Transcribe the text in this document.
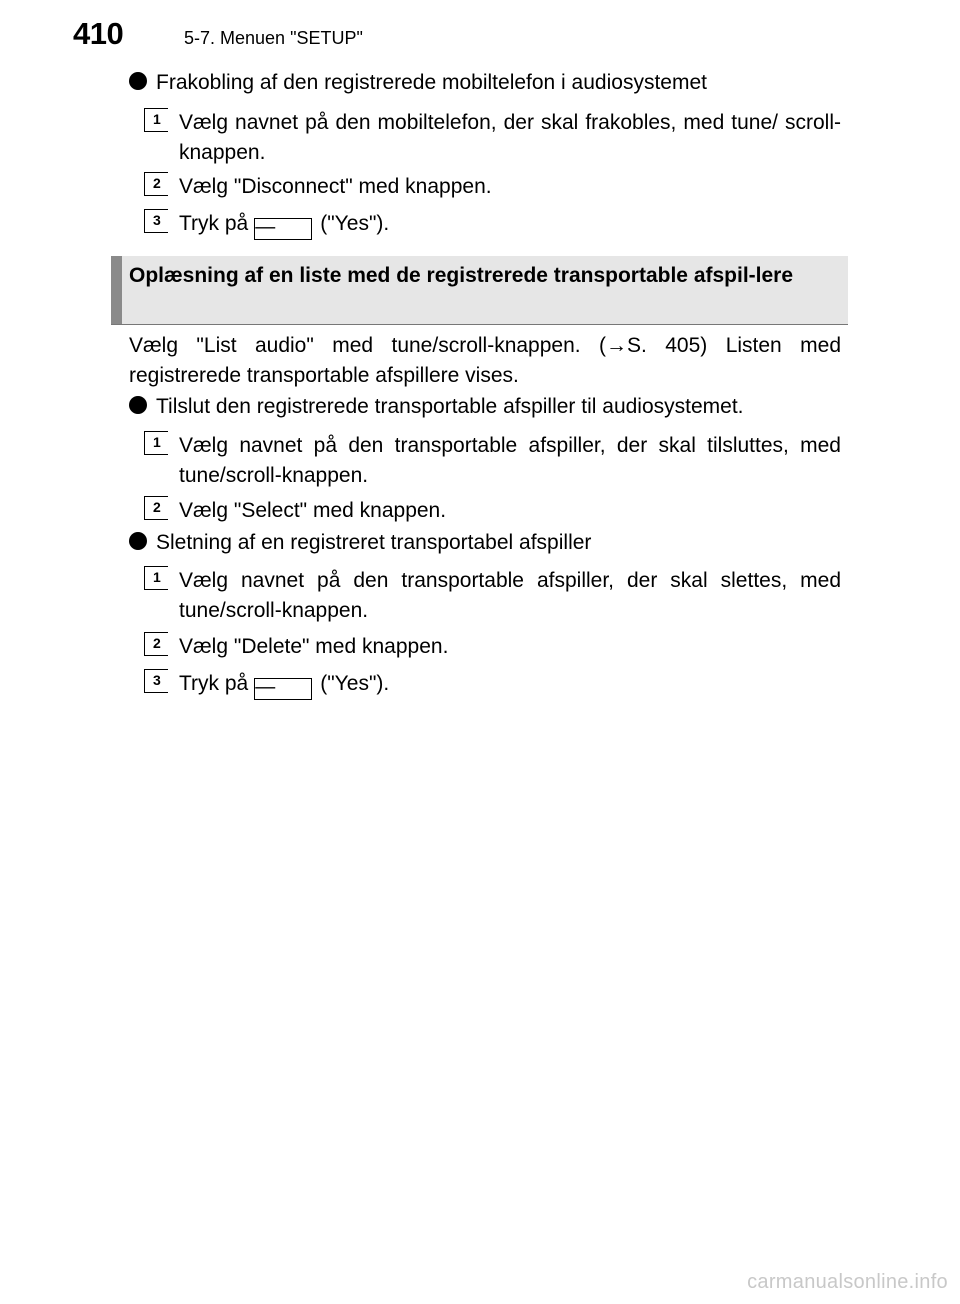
410	5-7. Menuen "SETUP"
Frakobling af den registrerede mobiltelefon i audiosystemet
1 Vælg navnet på den mobiltelefon, der skal frakobles, med tune/ scroll-knappen.
2 Vælg "Disconnect" med knappen.
3 Tryk på — ("Yes").
Oplæsning af en liste med de registrerede transportable afspil-lere
Vælg "List audio" med tune/scroll-knappen. (→S. 405) Listen med registrerede transportable afspillere vises.
Tilslut den registrerede transportable afspiller til audiosystemet.
1 Vælg navnet på den transportable afspiller, der skal tilsluttes, med tune/scroll-knappen.
2 Vælg "Select" med knappen.
Sletning af en registreret transportabel afspiller
1 Vælg navnet på den transportable afspiller, der skal slettes, med tune/scroll-knappen.
2 Vælg "Delete" med knappen.
3 Tryk på — ("Yes").
carmanualsonline.info
